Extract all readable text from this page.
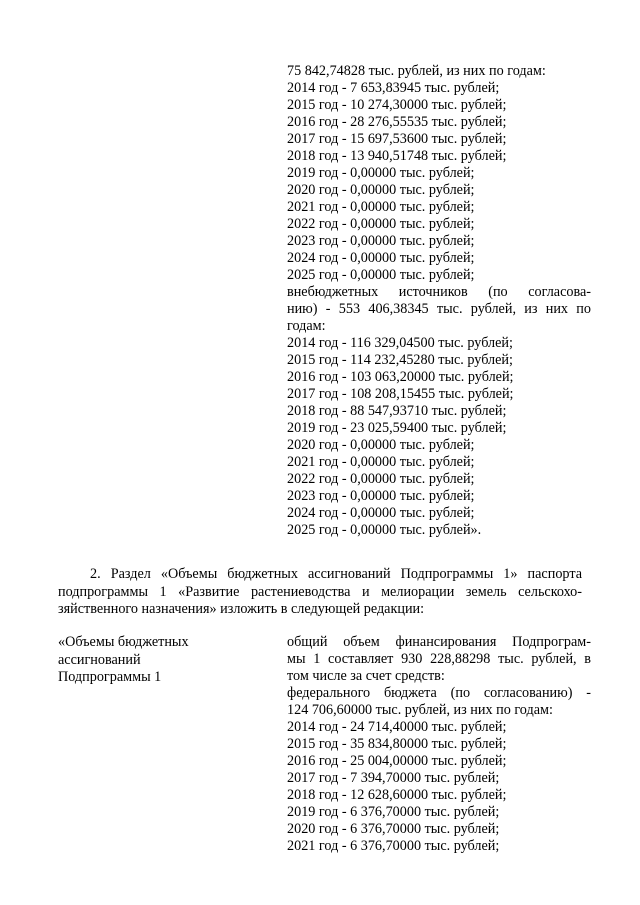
75 842,74828 тыс. рублей, из них по годам:
2014 год - 7 653,83945 тыс. рублей;
2015 год - 10 274,30000 тыс. рублей;
2016 год - 28 276,55535 тыс. рублей;
2017 год - 15 697,53600 тыс. рублей;
2018 год - 13 940,51748 тыс. рублей;
2019 год - 0,00000 тыс. рублей;
2020 год - 0,00000 тыс. рублей;
2021 год - 0,00000 тыс. рублей;
2022 год - 0,00000 тыс. рублей;
2023 год - 0,00000 тыс. рублей;
2024 год - 0,00000 тыс. рублей;
2025 год - 0,00000 тыс. рублей;
внебюджетных источников (по согласова-
нию) - 553 406,38345 тыс. рублей, из них по
годам:
2014 год - 116 329,04500 тыс. рублей;
2015 год - 114 232,45280 тыс. рублей;
2016 год - 103 063,20000 тыс. рублей;
2017 год - 108 208,15455 тыс. рублей;
2018 год - 88 547,93710 тыс. рублей;
2019 год - 23 025,59400 тыс. рублей;
2020 год - 0,00000 тыс. рублей;
2021 год - 0,00000 тыс. рублей;
2022 год - 0,00000 тыс. рублей;
2023 год - 0,00000 тыс. рублей;
2024 год - 0,00000 тыс. рублей;
2025 год - 0,00000 тыс. рублей».
2. Раздел «Объемы бюджетных ассигнований Подпрограммы 1» паспорта
подпрограммы 1 «Развитие растениеводства и мелиорации земель сельскохо-
зяйственного назначения» изложить в следующей редакции:
«Объемы бюджетных
ассигнований
Подпрограммы 1
общий объем финансирования Подпрограм-
мы 1 составляет 930 228,88298 тыс. рублей, в
том числе за счет средств:
федерального бюджета (по согласованию) -
124 706,60000 тыс. рублей, из них по годам:
2014 год - 24 714,40000 тыс. рублей;
2015 год - 35 834,80000 тыс. рублей;
2016 год - 25 004,00000 тыс. рублей;
2017 год - 7 394,70000 тыс. рублей;
2018 год - 12 628,60000 тыс. рублей;
2019 год - 6 376,70000 тыс. рублей;
2020 год - 6 376,70000 тыс. рублей;
2021 год - 6 376,70000 тыс. рублей;
